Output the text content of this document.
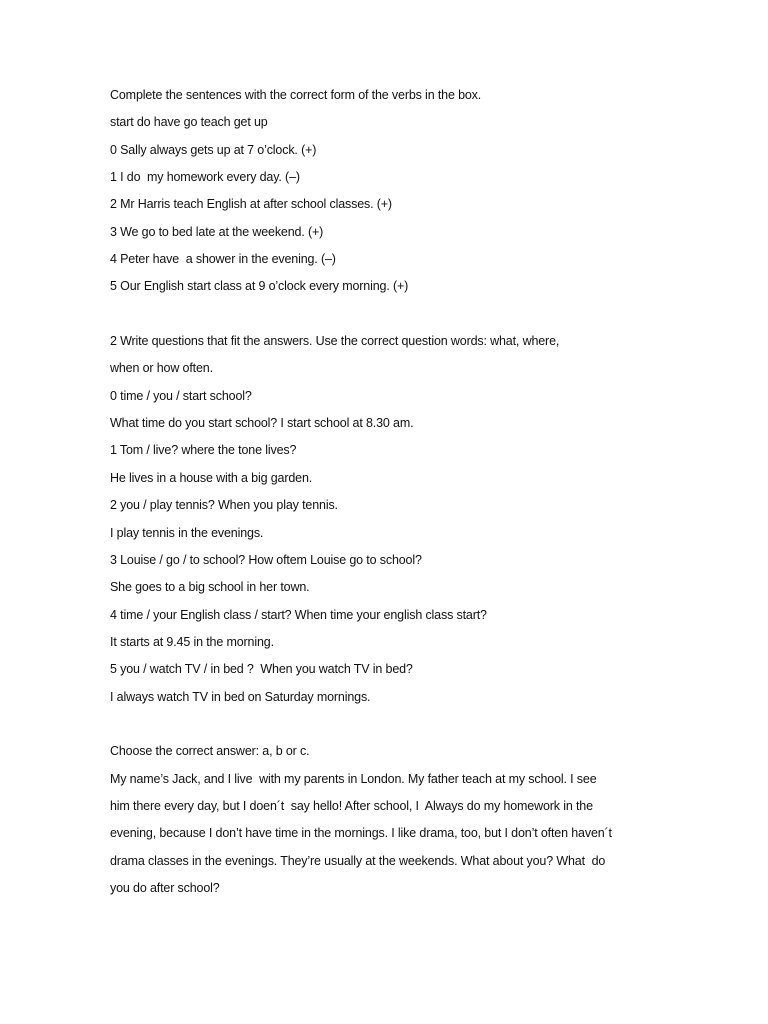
Complete the sentences with the correct form of the verbs in the box.
start do have go teach get up
0 Sally always gets up at 7 o’clock. (+)
1 I do  my homework every day. (–)
2 Mr Harris teach English at after school classes. (+)
3 We go to bed late at the weekend. (+)
4 Peter have  a shower in the evening. (–)
5 Our English start class at 9 o’clock every morning. (+)
2 Write questions that fit the answers. Use the correct question words: what, where,
when or how often.
0 time / you / start school?
What time do you start school? I start school at 8.30 am.
1 Tom / live? where the tone lives?
He lives in a house with a big garden.
2 you / play tennis? When you play tennis.
I play tennis in the evenings.
3 Louise / go / to school? How oftem Louise go to school?
She goes to a big school in her town.
4 time / your English class / start? When time your english class start?
It starts at 9.45 in the morning.
5 you / watch TV / in bed ?  When you watch TV in bed?
I always watch TV in bed on Saturday mornings.
Choose the correct answer: a, b or c.
My name’s Jack, and I live  with my parents in London. My father teach at my school. I see
him there every day, but I doen´t  say hello! After school, I  Always do my homework in the
evening, because I don’t have time in the mornings. I like drama, too, but I don’t often haven´t
drama classes in the evenings. They’re usually at the weekends. What about you? What  do
you do after school?
